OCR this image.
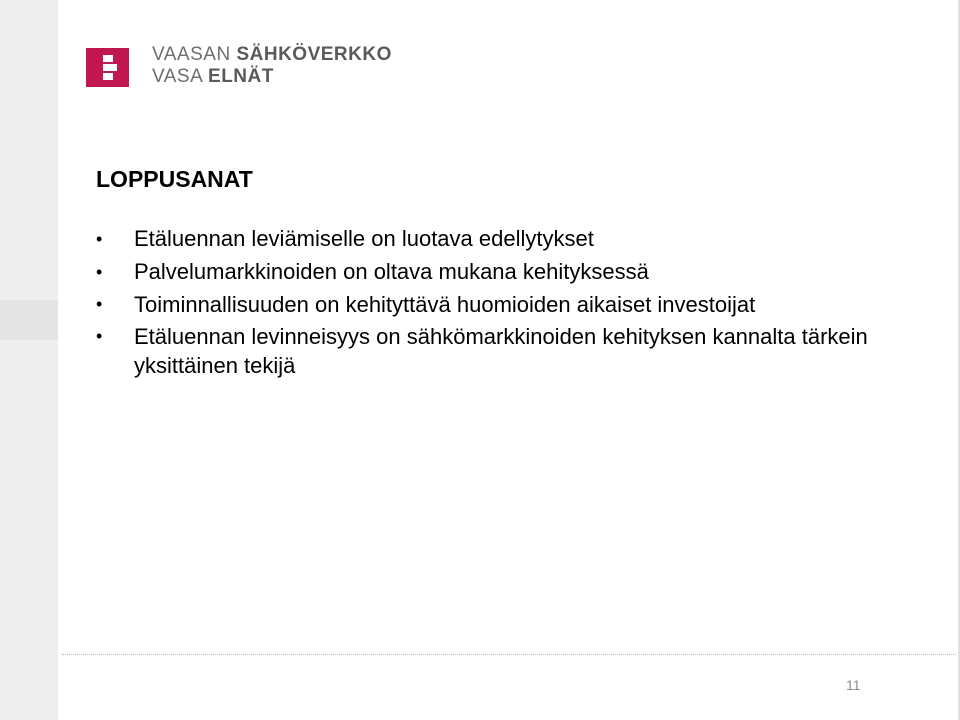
VAASAN SÄHKÖVERKKO
VASA ELNÄT
LOPPUSANAT
•	Etäluennan leviämiselle on luotava edellytykset
•	Palvelumarkkinoiden on oltava mukana kehityksessä
•	Toiminnallisuuden on kehityttävä huomioiden aikaiset investoijat
•	Etäluennan levinneisyys on sähkömarkkinoiden kehityksen kannalta tärkein yksittäinen tekijä
11
